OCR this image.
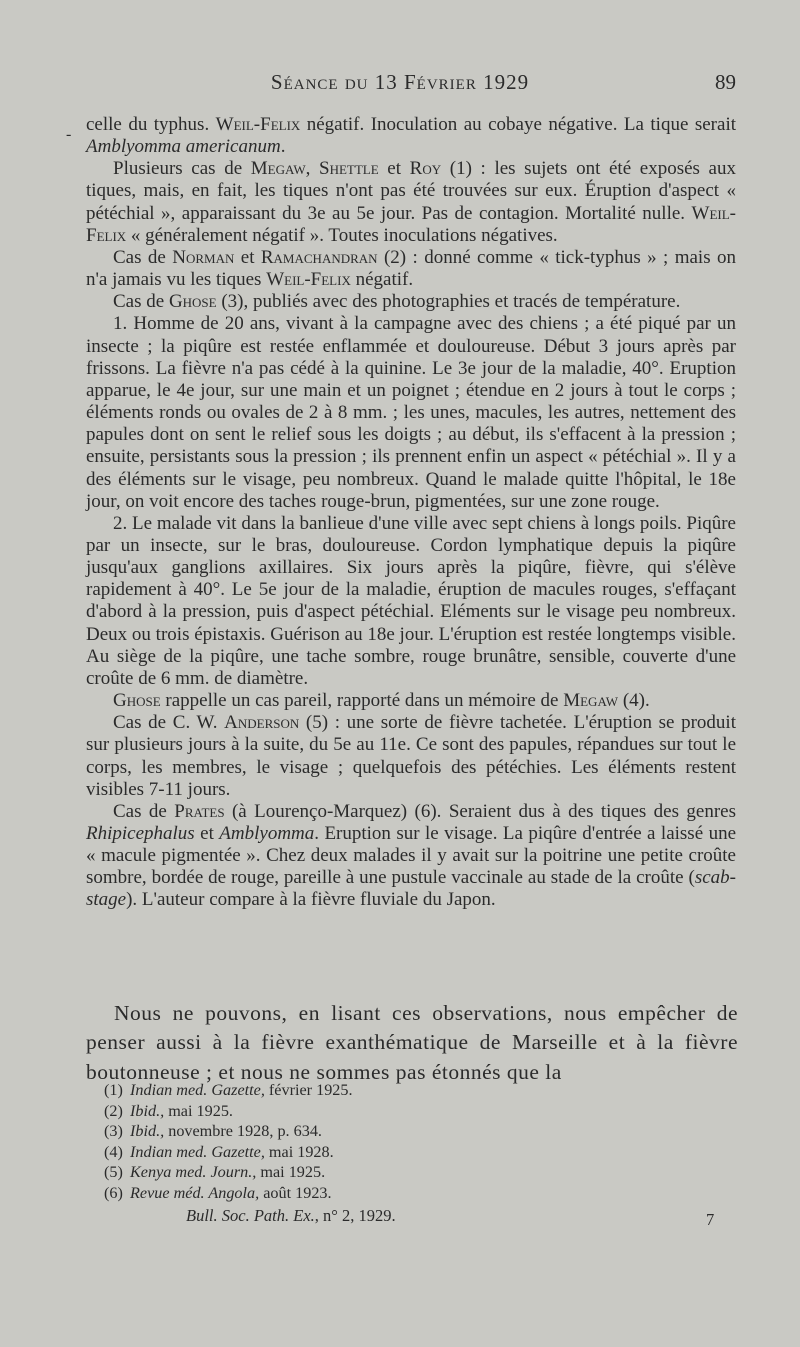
Séance du 13 Février 1929	89
- celle du typhus. Weil-Felix négatif. Inoculation au cobaye négative. La tique serait Amblyomma americanum.

Plusieurs cas de Megaw, Shettle et Roy (1) : les sujets ont été exposés aux tiques, mais, en fait, les tiques n'ont pas été trouvées sur eux. Éruption d'aspect « pétéchial », apparaissant du 3e au 5e jour. Pas de contagion. Mortalité nulle. Weil-Felix « généralement négatif ». Toutes inoculations négatives.

Cas de Norman et Ramachandran (2) : donné comme « tick-typhus » ; mais on n'a jamais vu les tiques Weil-Felix négatif.

Cas de Ghose (3), publiés avec des photographies et tracés de température.

1. Homme de 20 ans, vivant à la campagne avec des chiens ; a été piqué par un insecte ; la piqûre est restée enflammée et douloureuse. Début 3 jours après par frissons. La fièvre n'a pas cédé à la quinine. Le 3e jour de la maladie, 40°. Eruption apparue, le 4e jour, sur une main et un poignet ; étendue en 2 jours à tout le corps ; éléments ronds ou ovales de 2 à 8 mm. ; les unes, macules, les autres, nettement des papules dont on sent le relief sous les doigts ; au début, ils s'effacent à la pression ; ensuite, persistants sous la pression ; ils prennent enfin un aspect « pétéchial ». Il y a des éléments sur le visage, peu nombreux. Quand le malade quitte l'hôpital, le 18e jour, on voit encore des taches rouge-brun, pigmentées, sur une zone rouge.

2. Le malade vit dans la banlieue d'une ville avec sept chiens à longs poils. Piqûre par un insecte, sur le bras, douloureuse. Cordon lymphatique depuis la piqûre jusqu'aux ganglions axillaires. Six jours après la piqûre, fièvre, qui s'élève rapidement à 40°. Le 5e jour de la maladie, éruption de macules rouges, s'effaçant d'abord à la pression, puis d'aspect pétéchial. Eléments sur le visage peu nombreux. Deux ou trois épistaxis. Guérison au 18e jour. L'éruption est restée longtemps visible. Au siège de la piqûre, une tache sombre, rouge brunâtre, sensible, couverte d'une croûte de 6 mm. de diamètre.

Ghose rappelle un cas pareil, rapporté dans un mémoire de Megaw (4).

Cas de C. W. Anderson (5) : une sorte de fièvre tachetée. L'éruption se produit sur plusieurs jours à la suite, du 5e au 11e. Ce sont des papules, répandues sur tout le corps, les membres, le visage ; quelquefois des pétéchies. Les éléments restent visibles 7-11 jours.

Cas de Prates (à Lourenço-Marquez) (6). Seraient dus à des tiques des genres Rhipicephalus et Amblyomma. Eruption sur le visage. La piqûre d'entrée a laissé une « macule pigmentée ». Chez deux malades il y avait sur la poitrine une petite croûte sombre, bordée de rouge, pareille à une pustule vaccinale au stade de la croûte (scab-stage). L'auteur compare à la fièvre fluviale du Japon.

Nous ne pouvons, en lisant ces observations, nous empêcher de penser aussi à la fièvre exanthématique de Marseille et à la fièvre boutonneuse ; et nous ne sommes pas étonnés que la

(1) Indian med. Gazette, février 1925.
(2) Ibid., mai 1925.
(3) Ibid., novembre 1928, p. 634.
(4) Indian med. Gazette, mai 1928.
(5) Kenya med. Journ., mai 1925.
(6) Revue méd. Angola, août 1923.
Bull. Soc. Path. Ex., n° 2, 1929.	7
